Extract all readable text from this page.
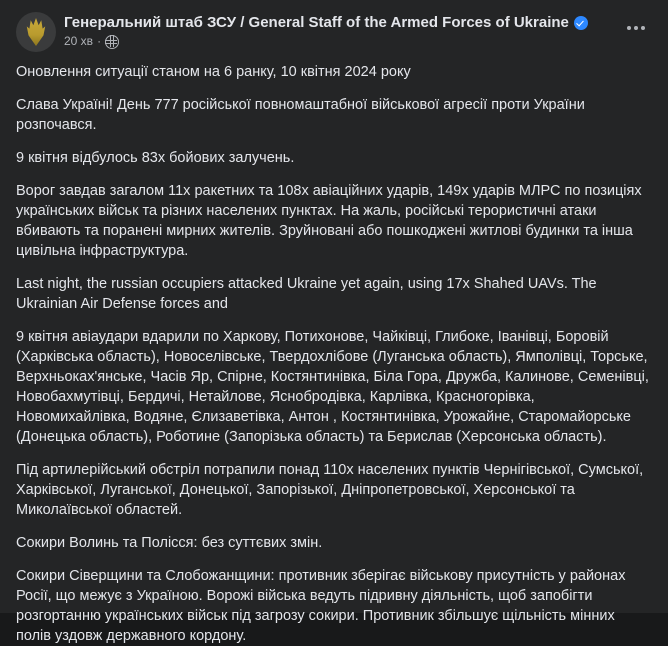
Генеральний штаб ЗСУ / General Staff of the Armed Forces of Ukraine
20 хв ·

Оновлення ситуації станом на 6 ранку, 10 квітня 2024 року

Слава Україні! День 777 російської повномаштабної військової агресії проти України розпочався.

9 квітня відбулось 83х бойових залучень.

Ворог завдав загалом 11х ракетних та 108х авіаційних ударів, 149х ударів МЛРС по позиціях українських військ та різних населених пунктах. На жаль, російські терористичні атаки вбивають та поранені мирних жителів. Зруйновані або пошкоджені житлові будинки та інша цивільна інфраструктура.

Last night, the russian occupiers attacked Ukraine yet again, using 17x Shahed UAVs. The Ukrainian Air Defense forces and

9 квітня авіаудари вдарили по Харкову, Потихонове, Чайківці, Глибоке, Іванівці, Боровій (Харківська область), Новоселівське, Твердохлібове (Луганська область), Ямполівці, Торське, Верхньоках'янське, Часів Яр, Спірне, Костянтинівка, Біла Гора, Дружба, Калинове, Семенівці, Новобахмутівці, Бердичі, Нетайлове, Яснобродівка, Карлівка, Красногорівка, Новомихайлівка, Водяне, Єлизаветівка, Антон , Костянтинівка, Урожайне, Старомайорське (Донецька область), Роботине (Запорізька область) та Берислав (Херсонська область).

Під артилерійський обстріл потрапили понад 110х населених пунктів Чернігівської, Сумської, Харківської, Луганської, Донецької, Запорізької, Дніпропетровської, Херсонської та Миколаївської областей.

Сокири Волинь та Полісся: без суттєвих змін.

Сокири Сіверщини та Слобожанщини: противник зберігає військову присутність у районах Росії, що межує з Україною. Ворожі війська ведуть підривну діяльність, щоб запобігти розгортанню українських військ під загрозу сокири. Противник збільшує щільність мінних полів уздовж державного кордону.
